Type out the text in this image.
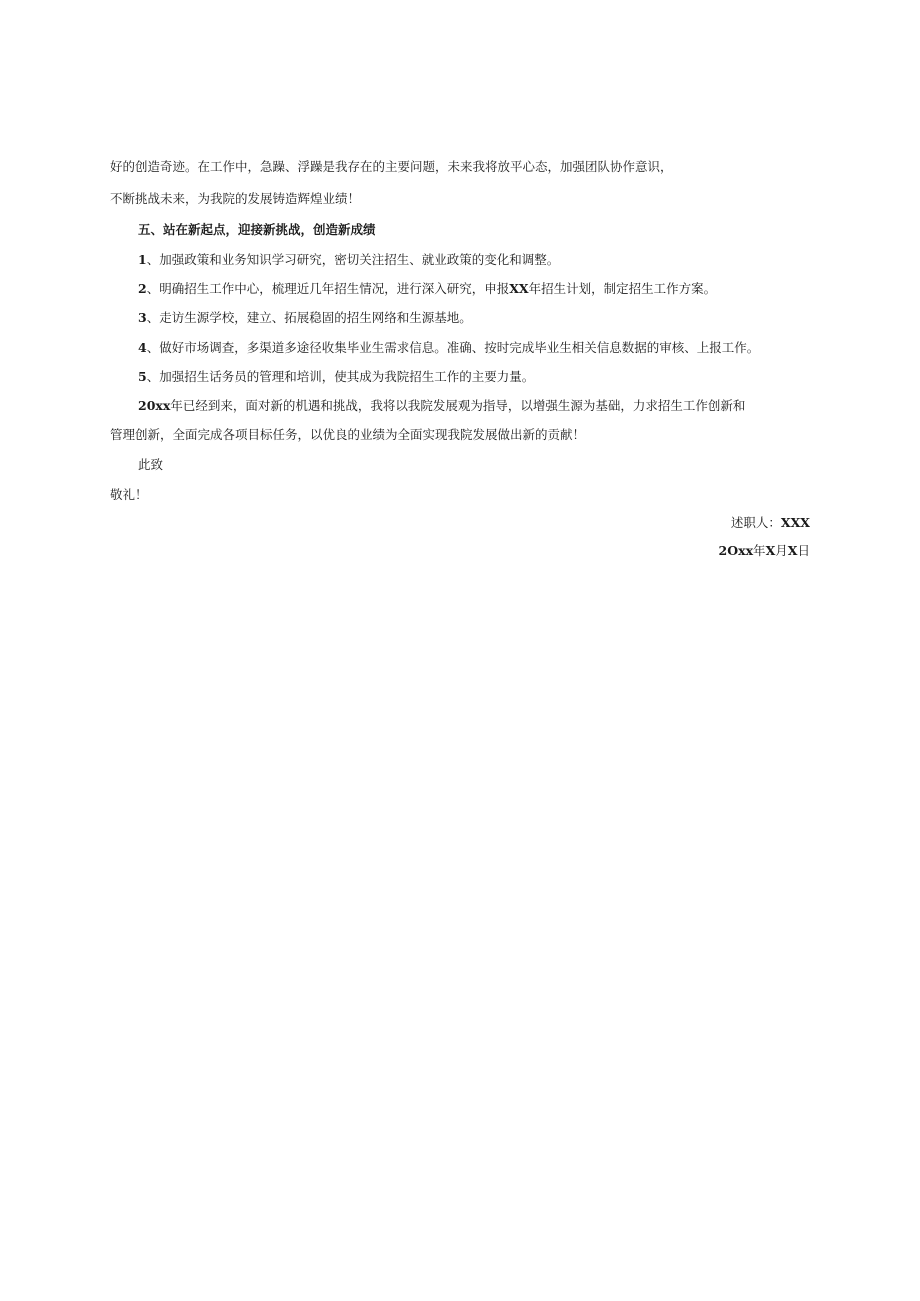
好的创造奇迹。在工作中，急躁、浮躁是我存在的主要问题，未来我将放平心态，加强团队协作意识，
不断挑战未来，为我院的发展铸造辉煌业绩！
五、站在新起点，迎接新挑战，创造新成绩
1、加强政策和业务知识学习研究，密切关注招生、就业政策的变化和调整。
2、明确招生工作中心，梳理近几年招生情况，进行深入研究，申报XX年招生计划，制定招生工作方案。
3、走访生源学校，建立、拓展稳固的招生网络和生源基地。
4、做好市场调查，多渠道多途径收集毕业生需求信息。准确、按时完成毕业生相关信息数据的审核、上报工作。
5、加强招生话务员的管理和培训，使其成为我院招生工作的主要力量。
20xx年已经到来，面对新的机遇和挑战，我将以我院发展观为指导，以增强生源为基础，力求招生工作创新和
管理创新，全面完成各项目标任务，以优良的业绩为全面实现我院发展做出新的贡献！
此致
敬礼！
述职人：XXX
2Oxx年X月X日
